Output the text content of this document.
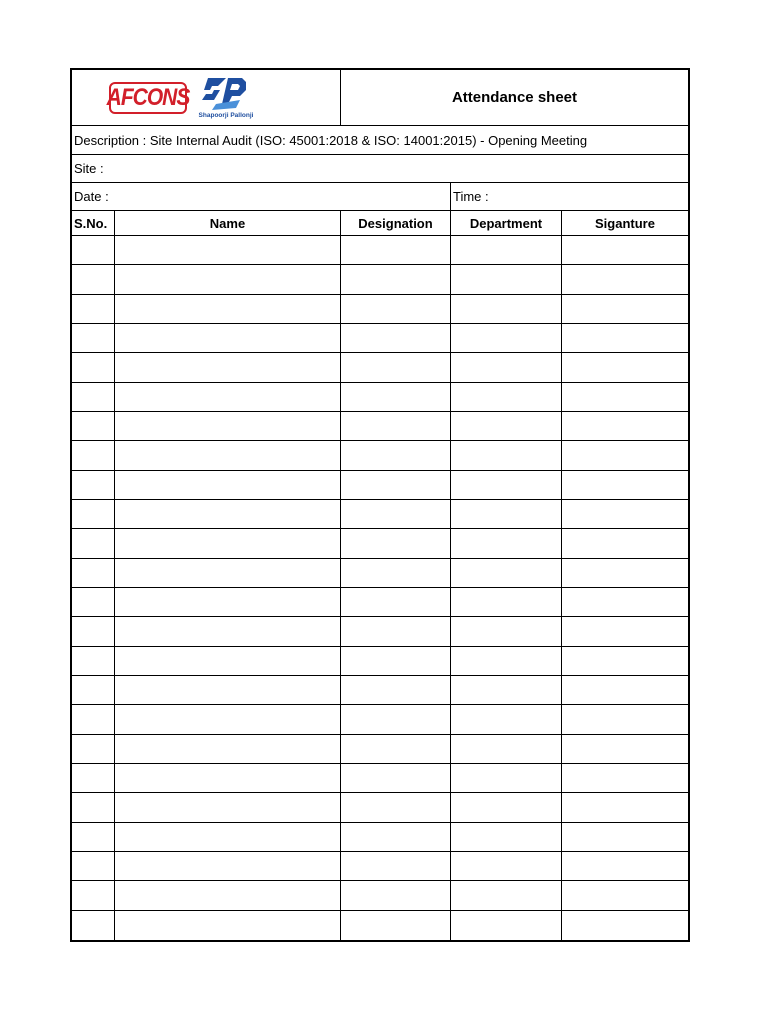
AFCONS
Shapoorji Pallonji
Attendance sheet
Description : Site Internal Audit (ISO: 45001:2018 & ISO: 14001:2015) - Opening Meeting
Site :
Date :	Time :
S.No.	Name	Designation	Department	Siganture
